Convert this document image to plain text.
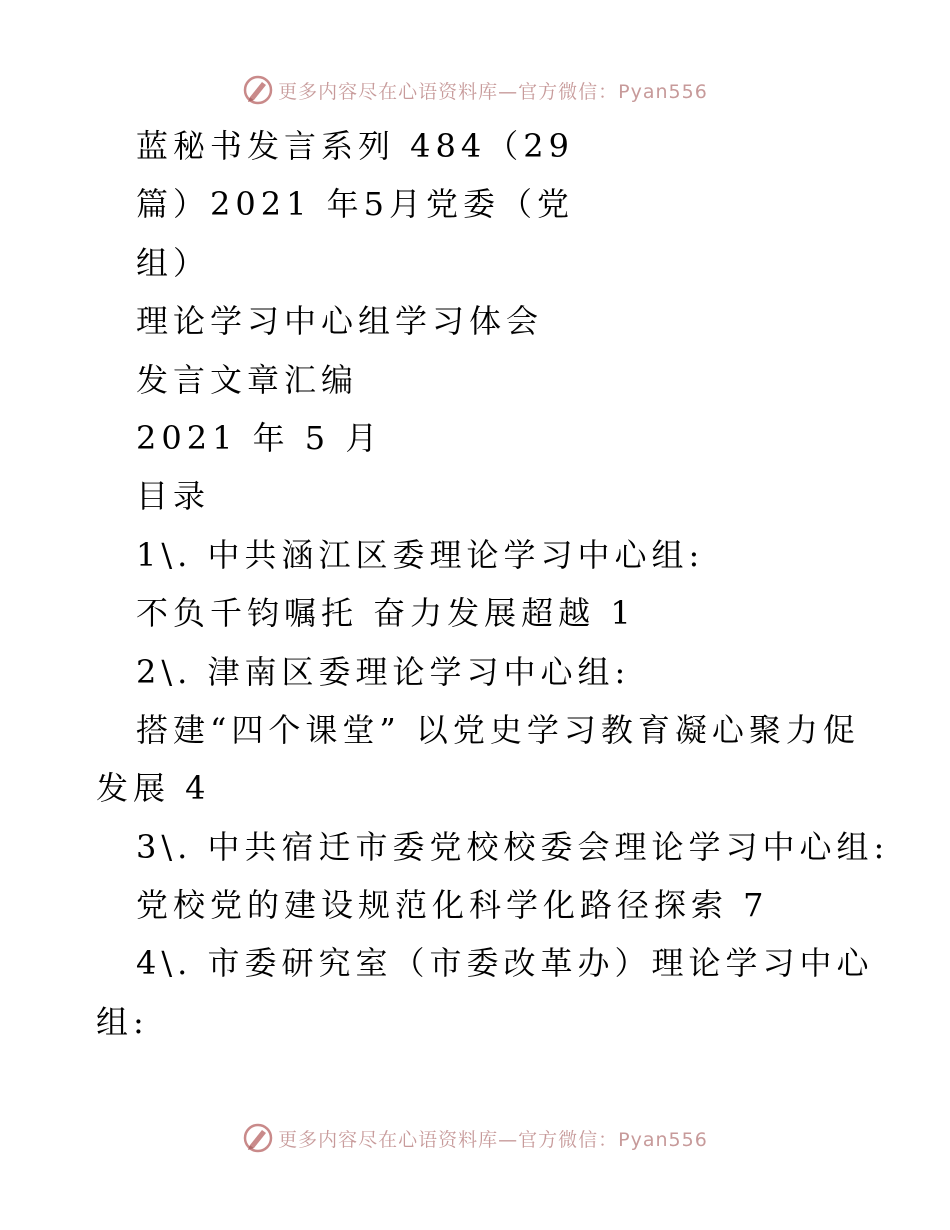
更多内容尽在心语资料库—官方微信：Pyan556
蓝秘书发言系列 484（29
篇）2021 年5月党委（党
组）
理论学习中心组学习体会
发言文章汇编
2021 年 5 月
目录
1\. 中共涵江区委理论学习中心组:
不负千钧嘱托 奋力发展超越 1
2\. 津南区委理论学习中心组:
搭建“四个课堂” 以党史学习教育凝心聚力促
发展 4
3\. 中共宿迁市委党校校委会理论学习中心组:
党校党的建设规范化科学化路径探索 7
4\. 市委研究室（市委改革办）理论学习中心
组:
更多内容尽在心语资料库—官方微信：Pyan556
